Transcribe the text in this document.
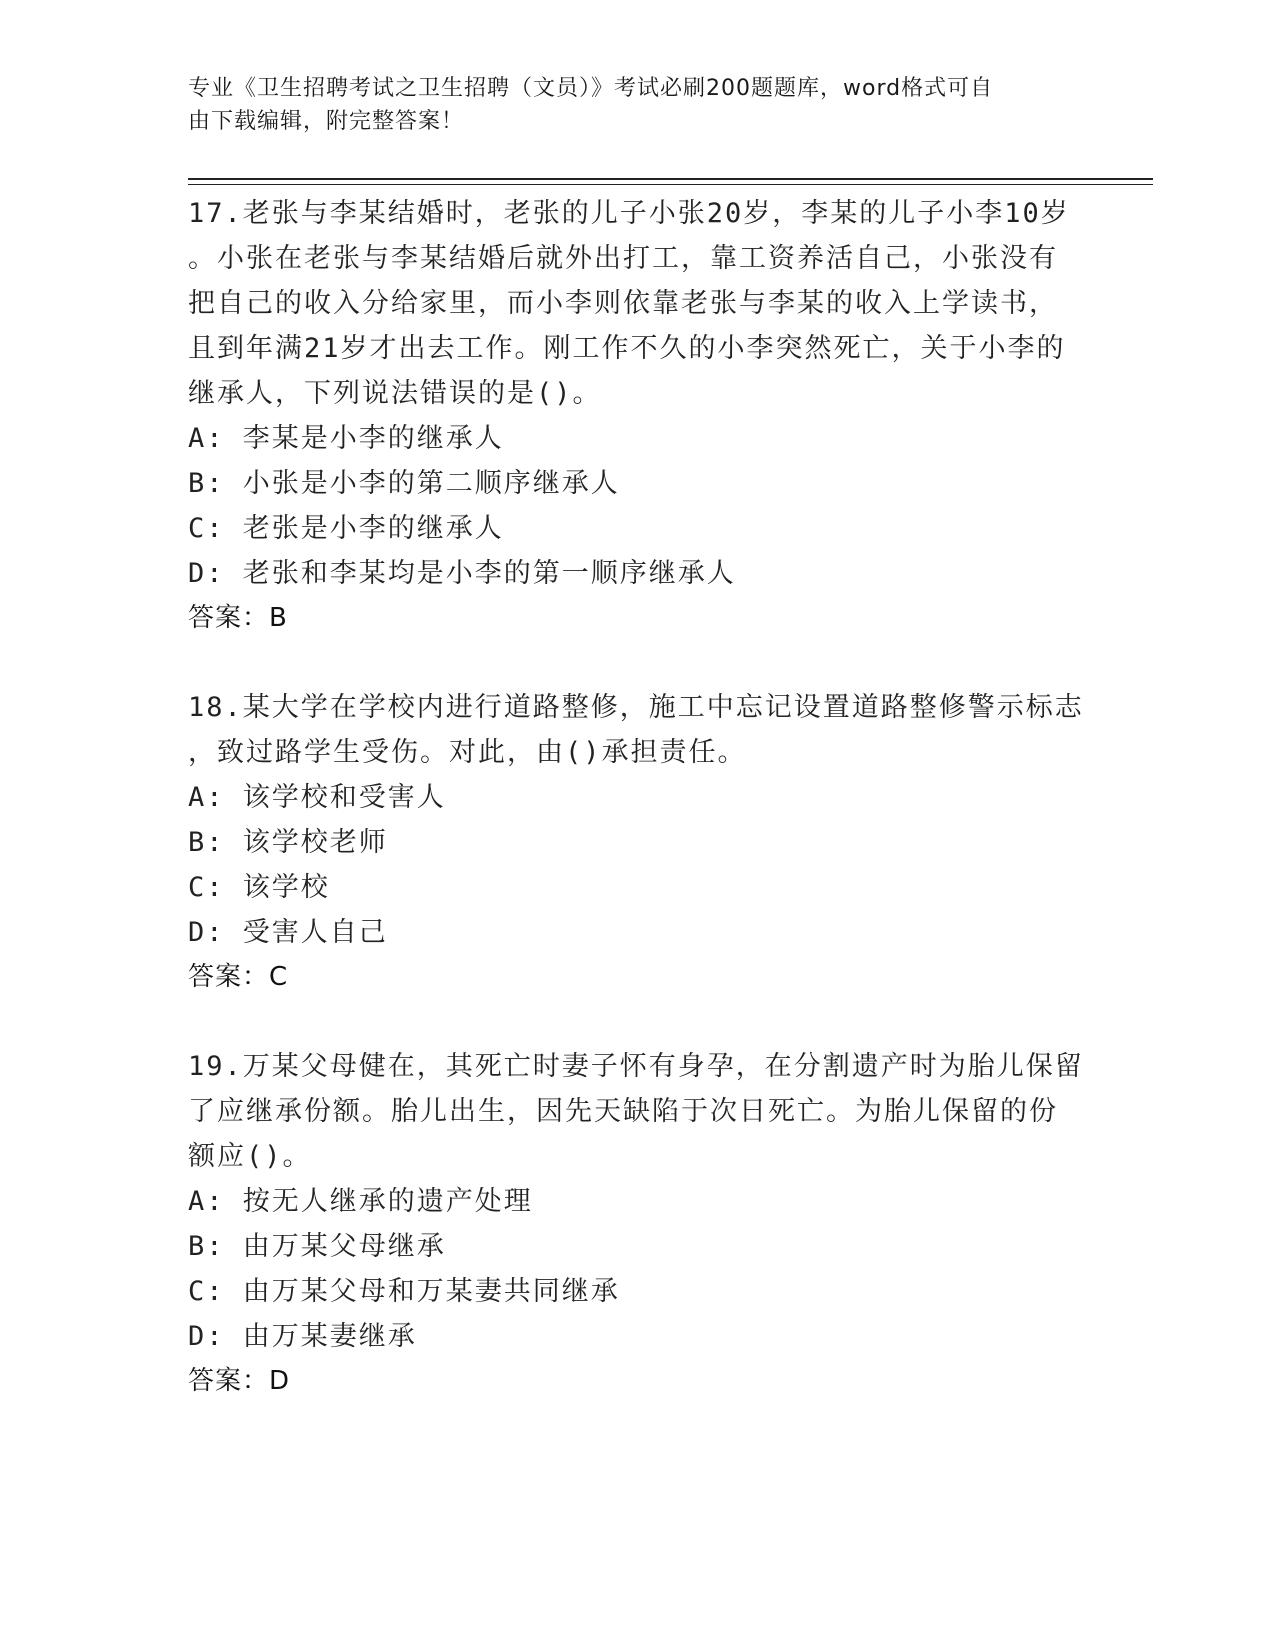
专业《卫生招聘考试之卫生招聘（文员）》考试必刷200题题库，word格式可自
由下载编辑，附完整答案！

17.老张与李某结婚时，老张的儿子小张20岁，李某的儿子小李10岁

。小张在老张与李某结婚后就外出打工，靠工资养活自己，小张没有

把自己的收入分给家里，而小李则依靠老张与李某的收入上学读书，

且到年满21岁才出去工作。刚工作不久的小李突然死亡，关于小李的

继承人，下列说法错误的是()。

A: 李某是小李的继承人

B: 小张是小李的第二顺序继承人

C: 老张是小李的继承人

D: 老张和李某均是小李的第一顺序继承人

答案：B

18.某大学在学校内进行道路整修，施工中忘记设置道路整修警示标志

，致过路学生受伤。对此，由()承担责任。

A: 该学校和受害人

B: 该学校老师

C: 该学校

D: 受害人自己

答案：C

19.万某父母健在，其死亡时妻子怀有身孕，在分割遗产时为胎儿保留

了应继承份额。胎儿出生，因先天缺陷于次日死亡。为胎儿保留的份

额应()。

A: 按无人继承的遗产处理

B: 由万某父母继承

C: 由万某父母和万某妻共同继承

D: 由万某妻继承

答案：D
